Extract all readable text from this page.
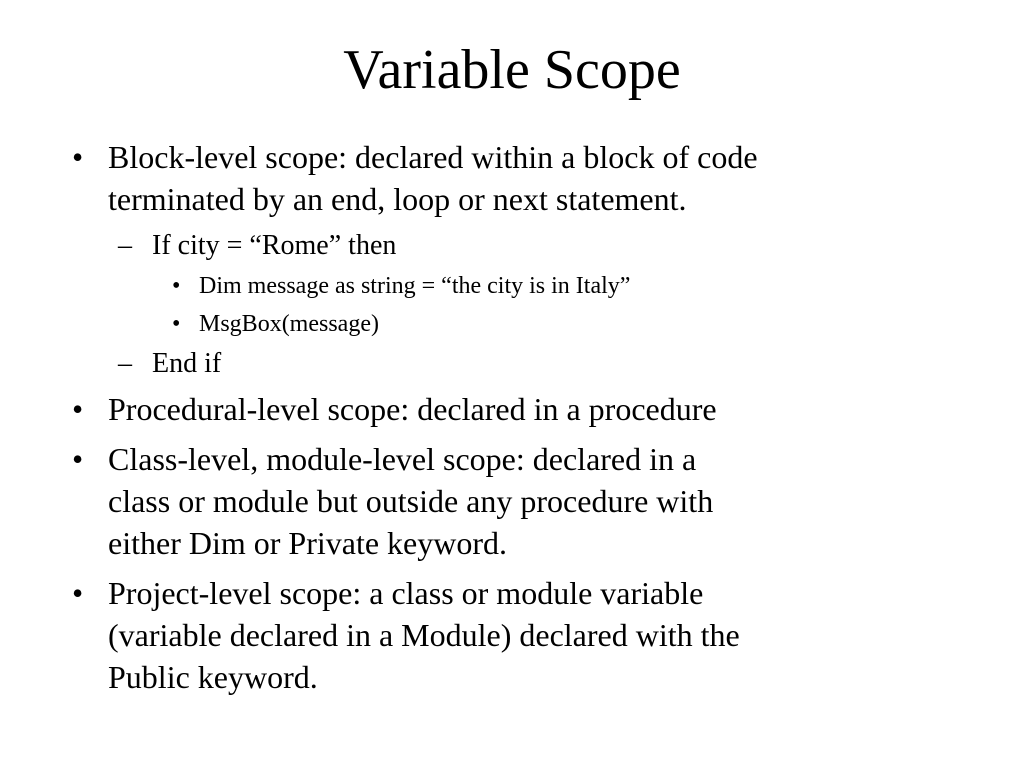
Variable Scope
• Block-level scope: declared within a block of code
terminated by an end, loop or next statement.
– If city = “Rome” then
• Dim message as string = “the city is in Italy”
• MsgBox(message)
– End if
• Procedural-level scope: declared in a procedure
• Class-level, module-level scope: declared in a
class or module but outside any procedure with
either Dim or Private keyword.
• Project-level scope: a class or module variable
(variable declared in a Module) declared with the
Public keyword.
